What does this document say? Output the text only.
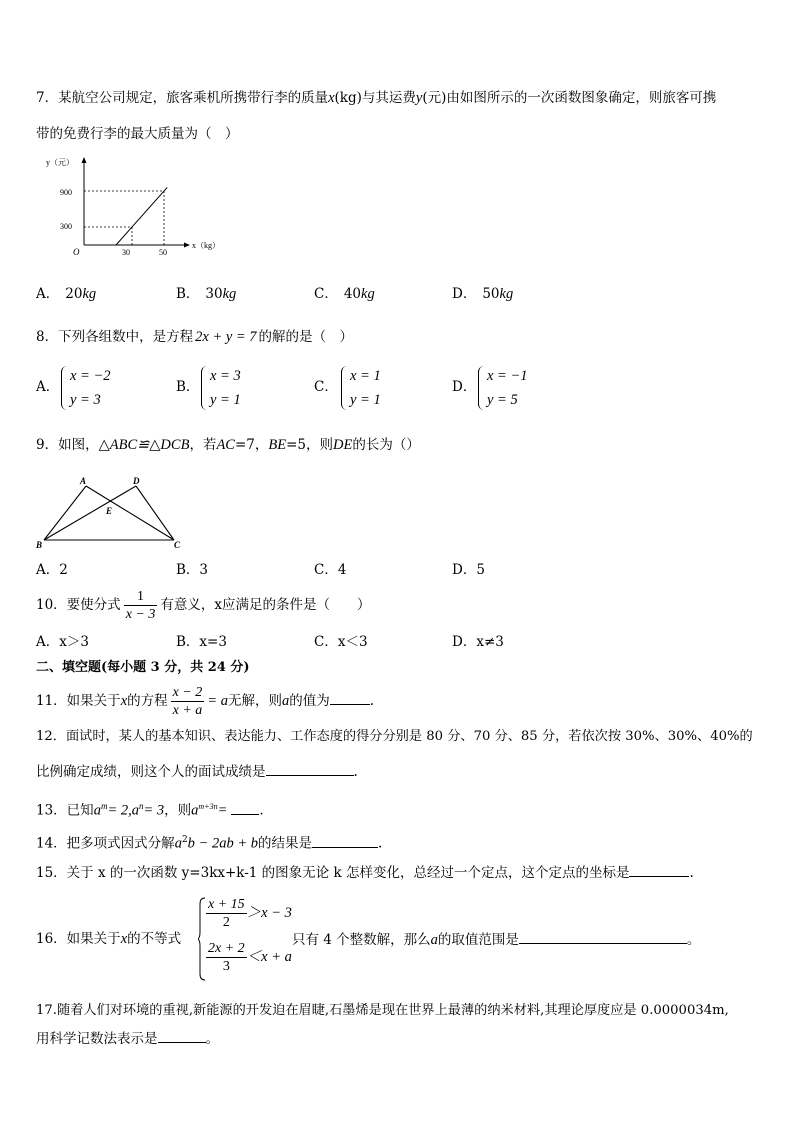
7．某航空公司规定，旅客乘机所携带行李的质量x(kg)与其运费y(元)由如图所示的一次函数图象确定，则旅客可携
带的免费行李的最大质量为（　）
y（元）
x（kg）
O
900
300
30	50
A． 20kg	B． 30kg	C． 40kg	D． 50kg
8．下列各组数中，是方程 2x + y = 7 的解的是（　）
A．
x = −2
y = 3
B．
x = 3
y = 1
C．
x = 1
y = 1
D．
x = −1
y = 5
9．如图，△ABC≌△DCB，若AC=7，BE=5，则DE的长为（）
A	D
E
B	C
A．2	B．3	C．4	D．5
10．要使分式 $\frac{1}{x - 3}$ 有意义，x应满足的条件是（　　）
A．x＞3	B．x=3	C．x＜3	D．x≠3
二、填空题(每小题 3 分，共 24 分)
11．如果关于x的方程 $\frac{x - 2}{x + a} = a$无解，则a的值为	.
12．面试时，某人的基本知识、表达能力、工作态度的得分分别是 80 分、70 分、85 分，若依次按 30%、30%、40%的
比例确定成绩，则这个人的面试成绩是	.
13．已知$a^m= 2,a^n= 3$，则$a^{m+3n}=$ .
14．把多项式因式分解$a^2b - 2ab + b$的结果是	.
15．关于 x 的一次函数 y=3kx+k-1 的图象无论 k 怎样变化，总经过一个定点，这个定点的坐标是	.
16．如果关于x的不等式
$\frac{x + 15}{2} >x - 3$
$\frac{2x + 2}{3} <x + a$
只有 4 个整数解，那么a的取值范围是	。
17.随着人们对环境的重视,新能源的开发迫在眉睫,石墨烯是现在世界上最薄的纳米材料,其理论厚度应是 0.0000034m,
用科学记数法表示是	。
